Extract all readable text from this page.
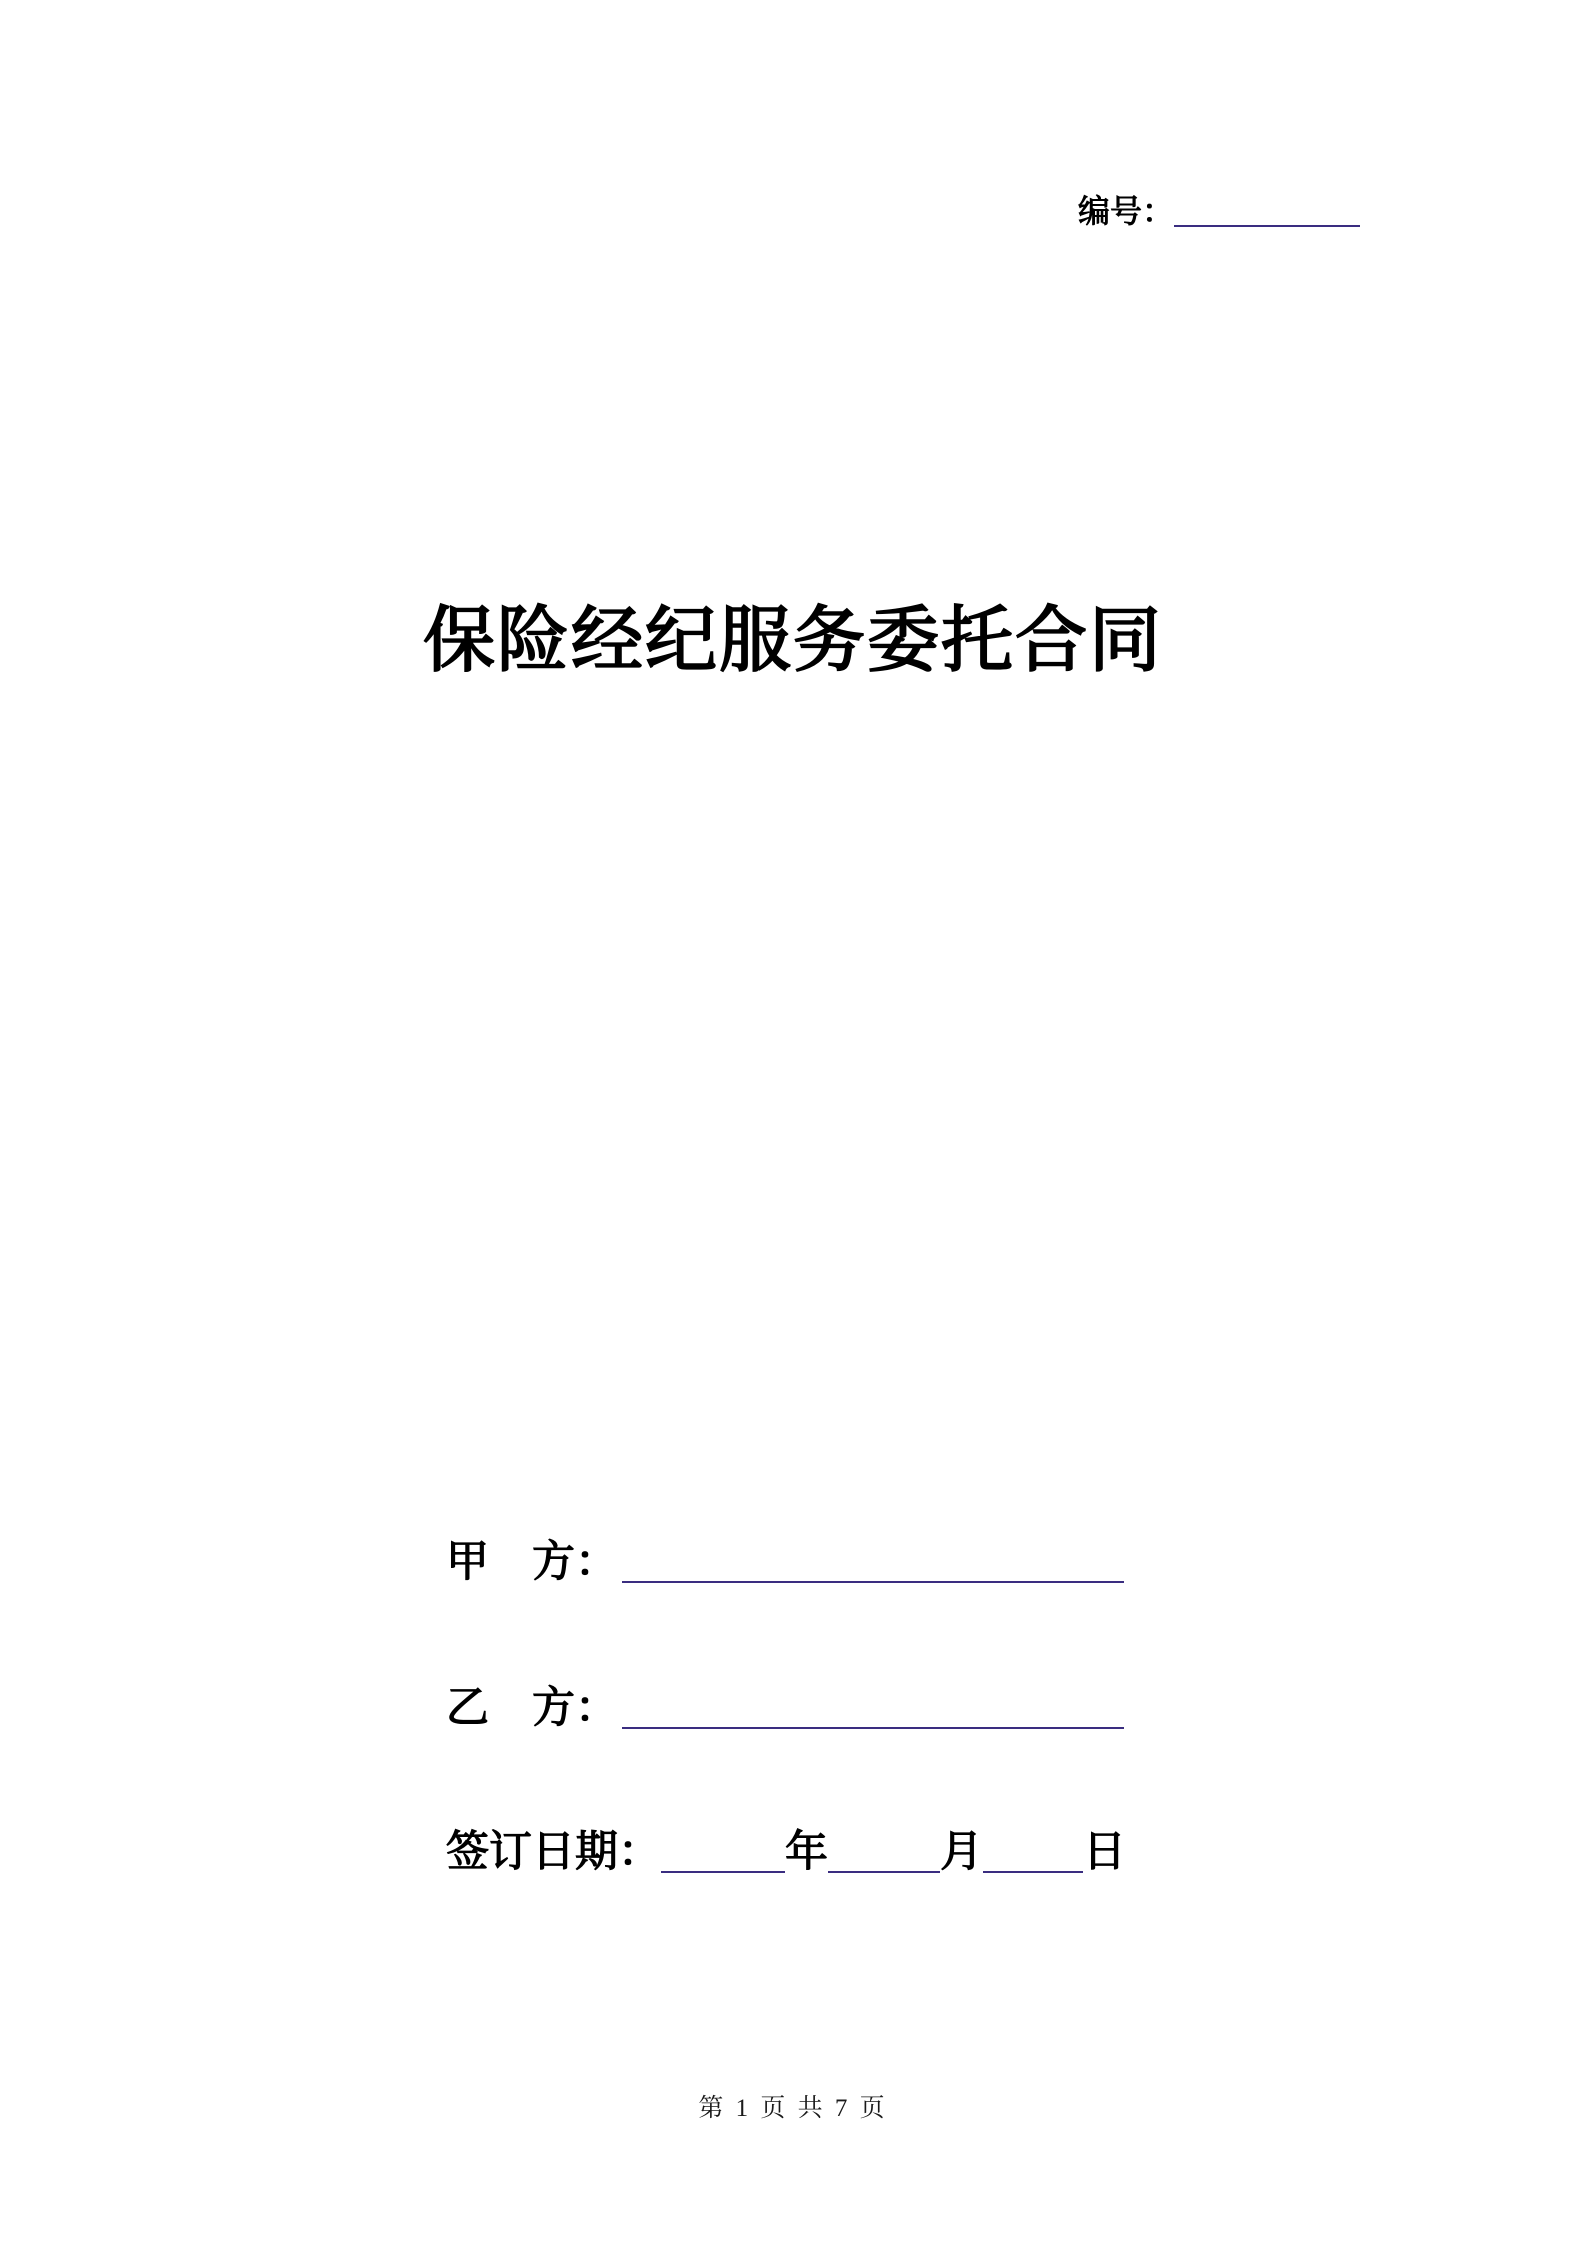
编号：
保险经纪服务委托合同
甲　方：
乙　方：
签订日期：	年	月 日
第 1 页 共 7 页
